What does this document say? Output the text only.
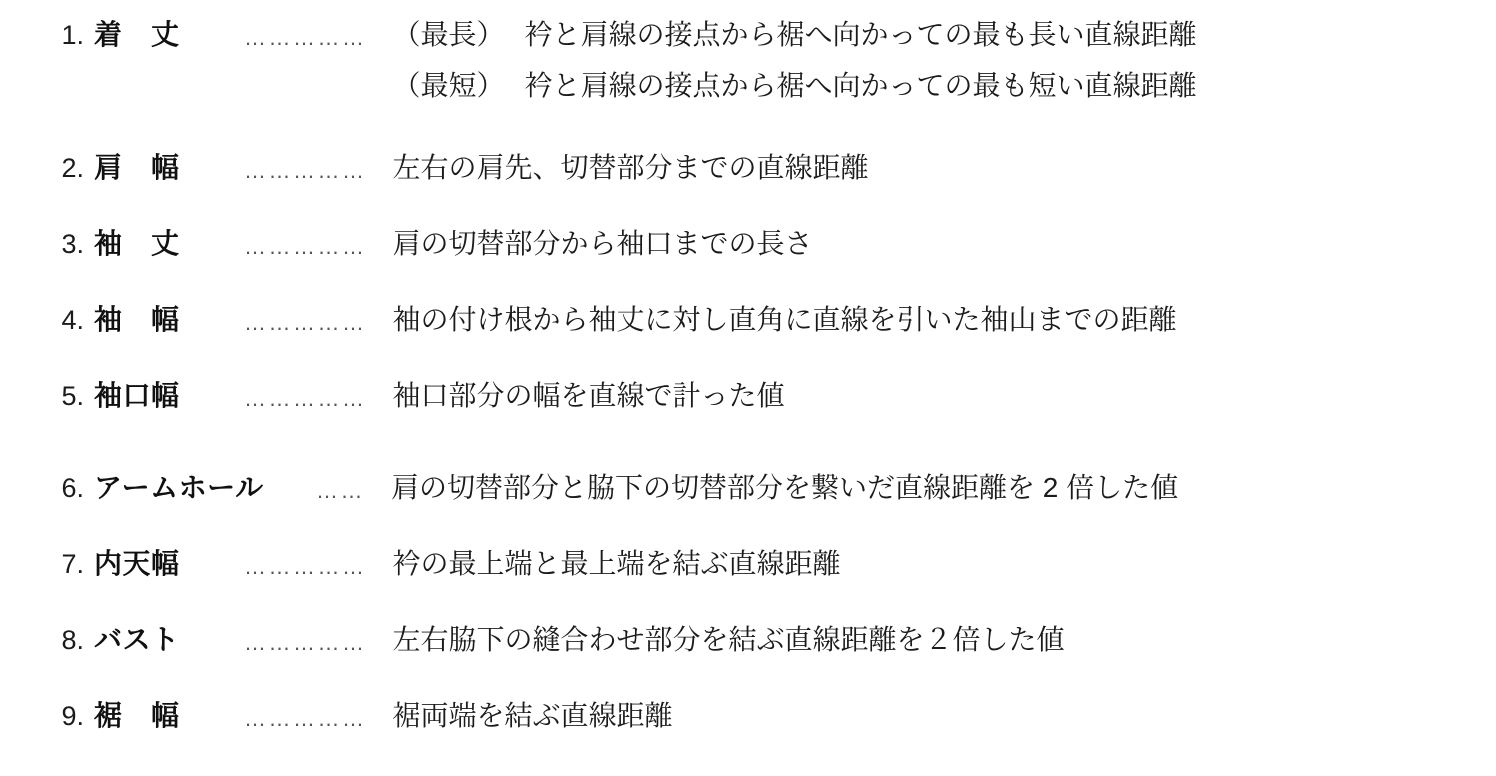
1. 着　丈	…………… （最長） 衿と肩線の接点から裾へ向かっての最も長い直線距離
（最短） 衿と肩線の接点から裾へ向かっての最も短い直線距離
2. 肩　幅	…………… 左右の肩先、切替部分までの直線距離
3. 袖　丈	…………… 肩の切替部分から袖口までの長さ
4. 袖　幅	…………… 袖の付け根から袖丈に対し直角に直線を引いた袖山までの距離
5. 袖口幅	…………… 袖口部分の幅を直線で計った値
6. アームホール	…… 肩の切替部分と脇下の切替部分を繋いだ直線距離を 2 倍した値
7. 内天幅	…………… 衿の最上端と最上端を結ぶ直線距離
8. バスト	…………… 左右脇下の縫合わせ部分を結ぶ直線距離を２倍した値
9. 裾　幅	…………… 裾両端を結ぶ直線距離
